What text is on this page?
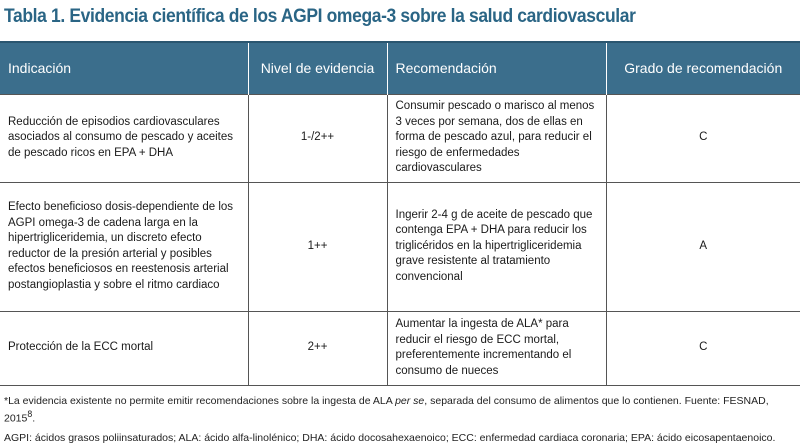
Tabla 1. Evidencia científica de los AGPI omega-3 sobre la salud cardiovascular
Indicación	Nivel de evidencia	Recomendación	Grado de recomendación
Reducción de episodios cardiovasculares asociados al consumo de pescado y aceites de pescado ricos en EPA + DHA	1-/2++	Consumir pescado o marisco al menos 3 veces por semana, dos de ellas en forma de pescado azul, para reducir el riesgo de enfermedades cardiovasculares	C
Efecto beneficioso dosis-dependiente de los AGPI omega-3 de cadena larga en la hipertrigliceridemia, un discreto efecto reductor de la presión arterial y posibles efectos beneficiosos en reestenosis arterial postangioplastia y sobre el ritmo cardiaco	1++	Ingerir 2-4 g de aceite de pescado que contenga EPA + DHA para reducir los triglicéridos en la hipertrigliceridemia grave resistente al tratamiento convencional	A
Protección de la ECC mortal	2++	Aumentar la ingesta de ALA* para reducir el riesgo de ECC mortal, preferentemente incrementando el consumo de nueces	C
*La evidencia existente no permite emitir recomendaciones sobre la ingesta de ALA per se, separada del consumo de alimentos que lo contienen. Fuente: FESNAD, 2015$^8$.
AGPI: ácidos grasos poliinsaturados; ALA: ácido alfa-linolénico; DHA: ácido docosahexaenoico; ECC: enfermedad cardiaca coronaria; EPA: ácido eicosapentaenoico.
